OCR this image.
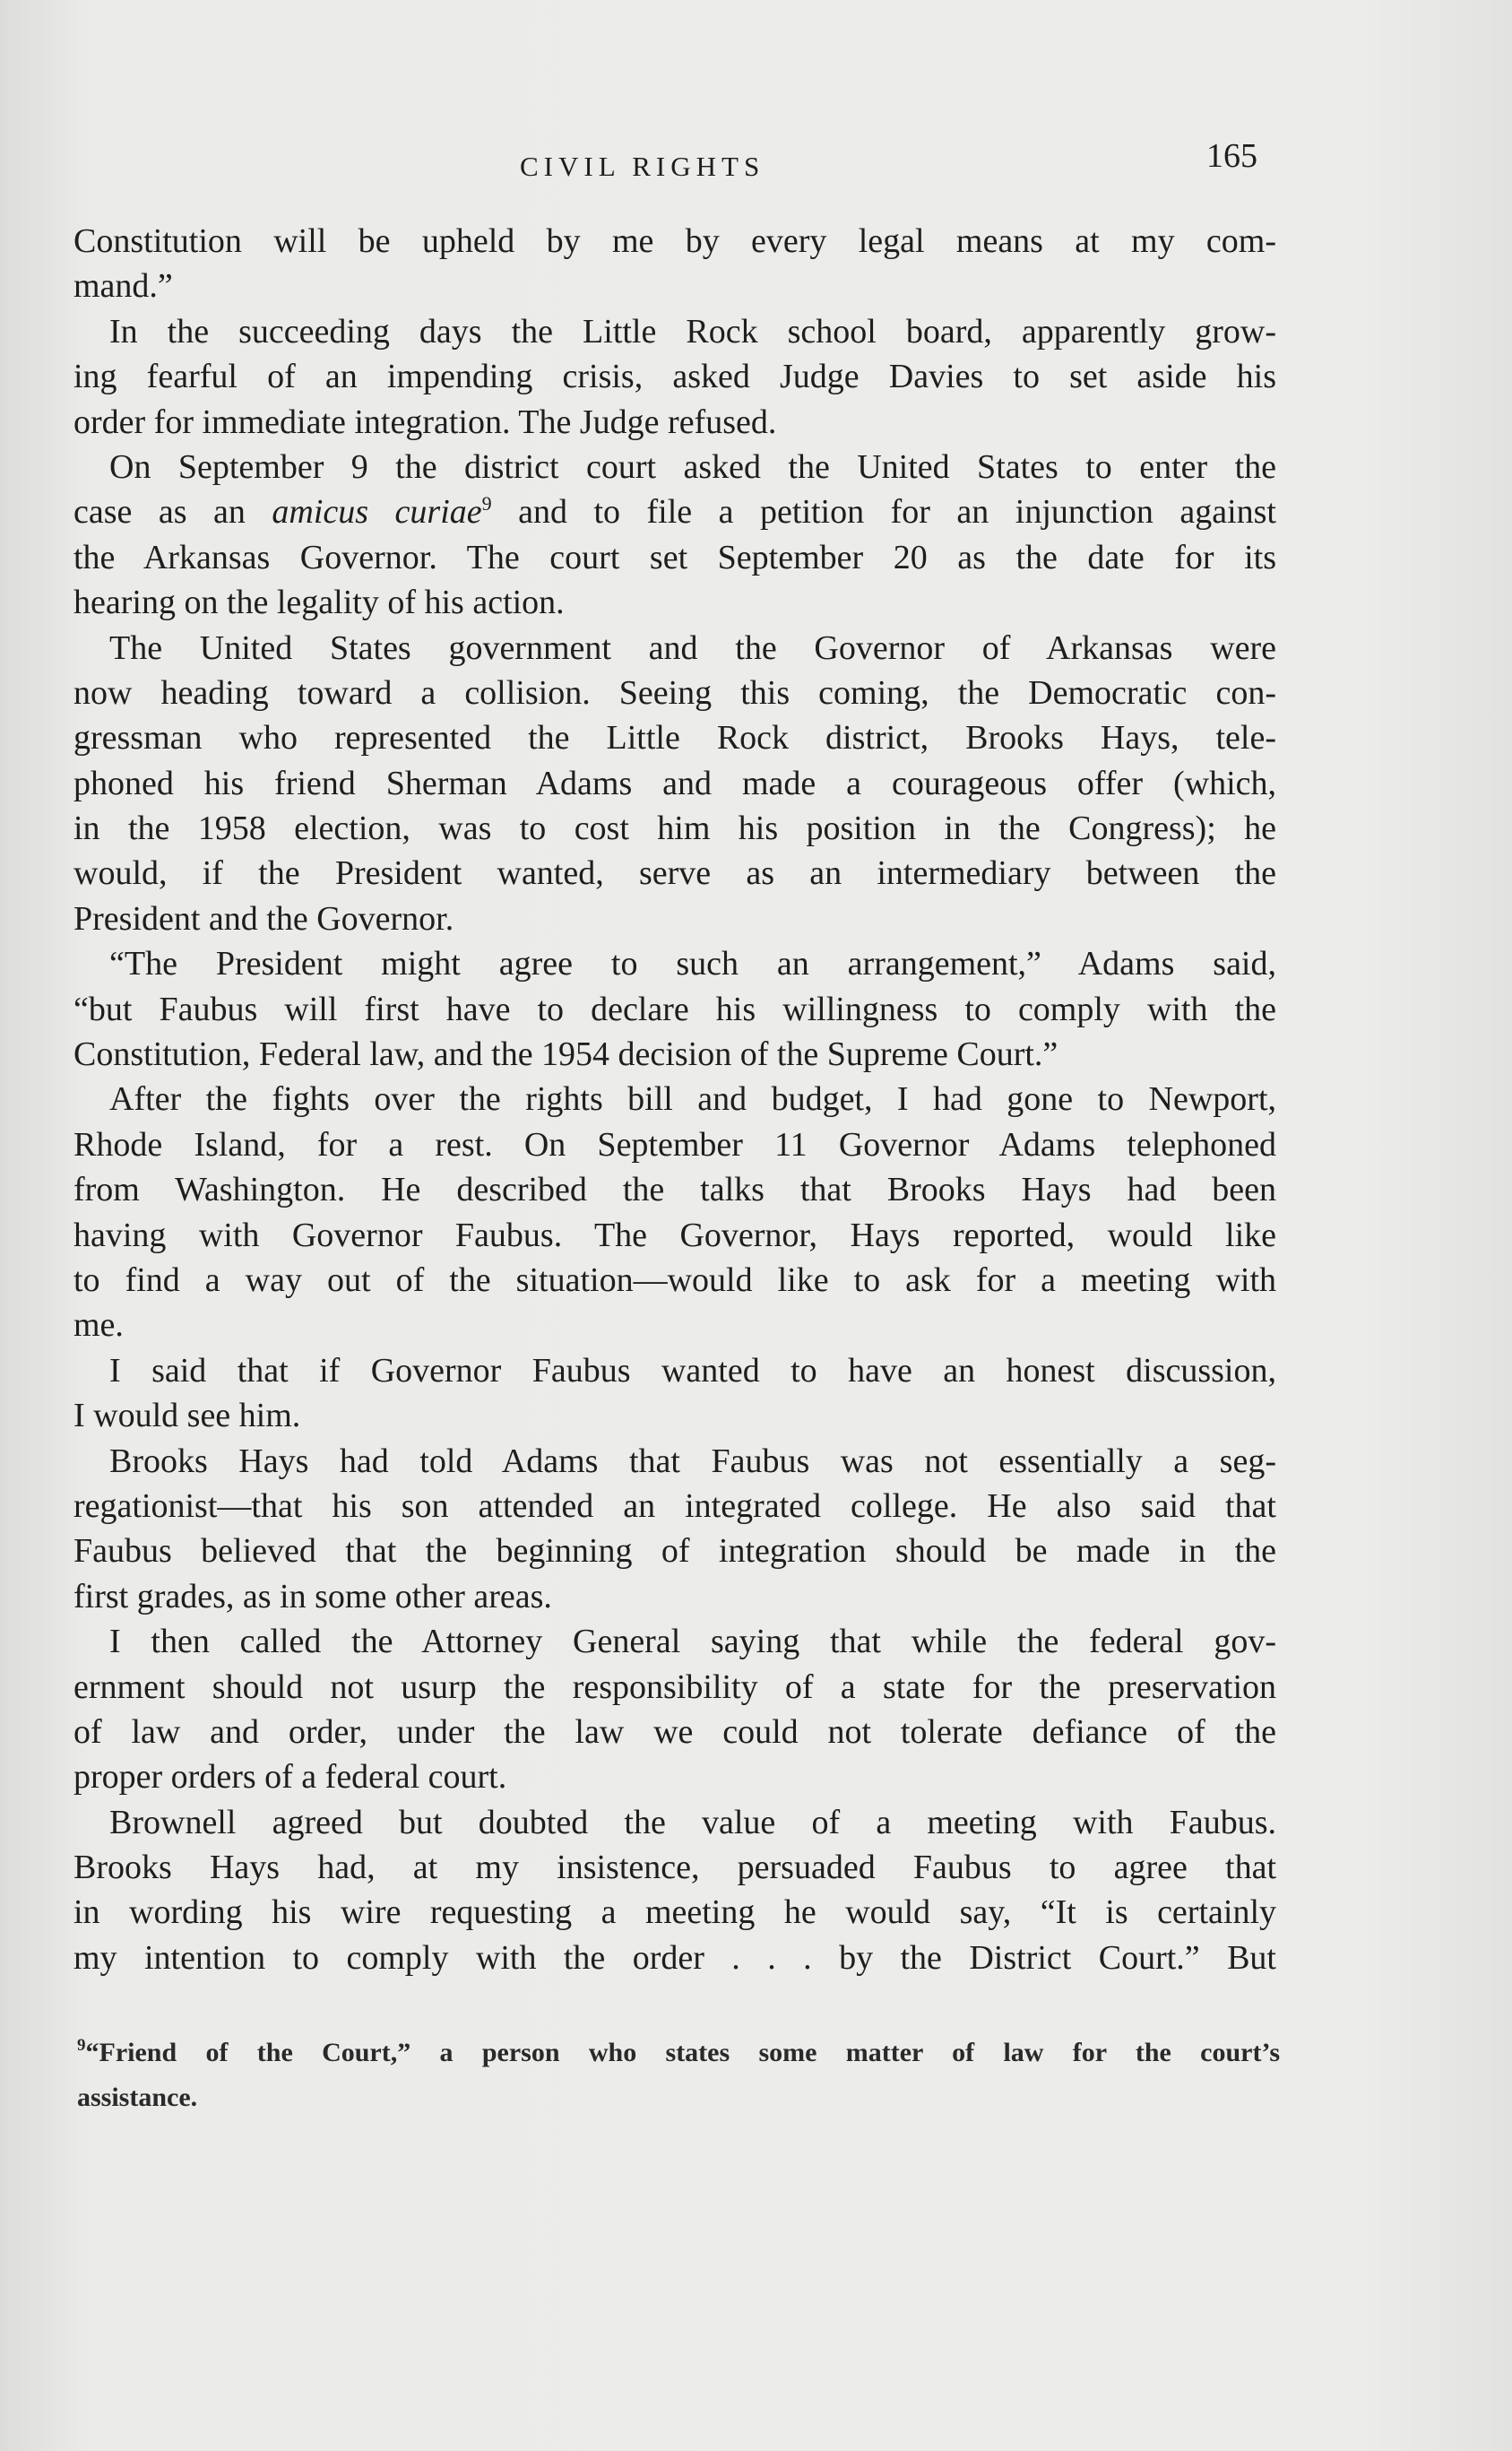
CIVIL RIGHTS	165
Constitution will be upheld by me by every legal means at my com-
mand.”
In the succeeding days the Little Rock school board, apparently grow-
ing fearful of an impending crisis, asked Judge Davies to set aside his
order for immediate integration. The Judge refused.
On September 9 the district court asked the United States to enter the
case as an amicus curiae$^9$ and to file a petition for an injunction against
the Arkansas Governor. The court set September 20 as the date for its
hearing on the legality of his action.
The United States government and the Governor of Arkansas were
now heading toward a collision. Seeing this coming, the Democratic con-
gressman who represented the Little Rock district, Brooks Hays, tele-
phoned his friend Sherman Adams and made a courageous offer (which,
in the 1958 election, was to cost him his position in the Congress); he
would, if the President wanted, serve as an intermediary between the
President and the Governor.
“The President might agree to such an arrangement,” Adams said,
“but Faubus will first have to declare his willingness to comply with the
Constitution, Federal law, and the 1954 decision of the Supreme Court.”
After the fights over the rights bill and budget, I had gone to Newport,
Rhode Island, for a rest. On September 11 Governor Adams telephoned
from Washington. He described the talks that Brooks Hays had been
having with Governor Faubus. The Governor, Hays reported, would like
to find a way out of the situation—would like to ask for a meeting with
me.
I said that if Governor Faubus wanted to have an honest discussion,
I would see him.
Brooks Hays had told Adams that Faubus was not essentially a seg-
regationist—that his son attended an integrated college. He also said that
Faubus believed that the beginning of integration should be made in the
first grades, as in some other areas.
I then called the Attorney General saying that while the federal gov-
ernment should not usurp the responsibility of a state for the preservation
of law and order, under the law we could not tolerate defiance of the
proper orders of a federal court.
Brownell agreed but doubted the value of a meeting with Faubus.
Brooks Hays had, at my insistence, persuaded Faubus to agree that
in wording his wire requesting a meeting he would say, “It is certainly
my intention to comply with the order . . . by the District Court.” But
$^9$“Friend of the Court,” a person who states some matter of law for the court’s
assistance.
